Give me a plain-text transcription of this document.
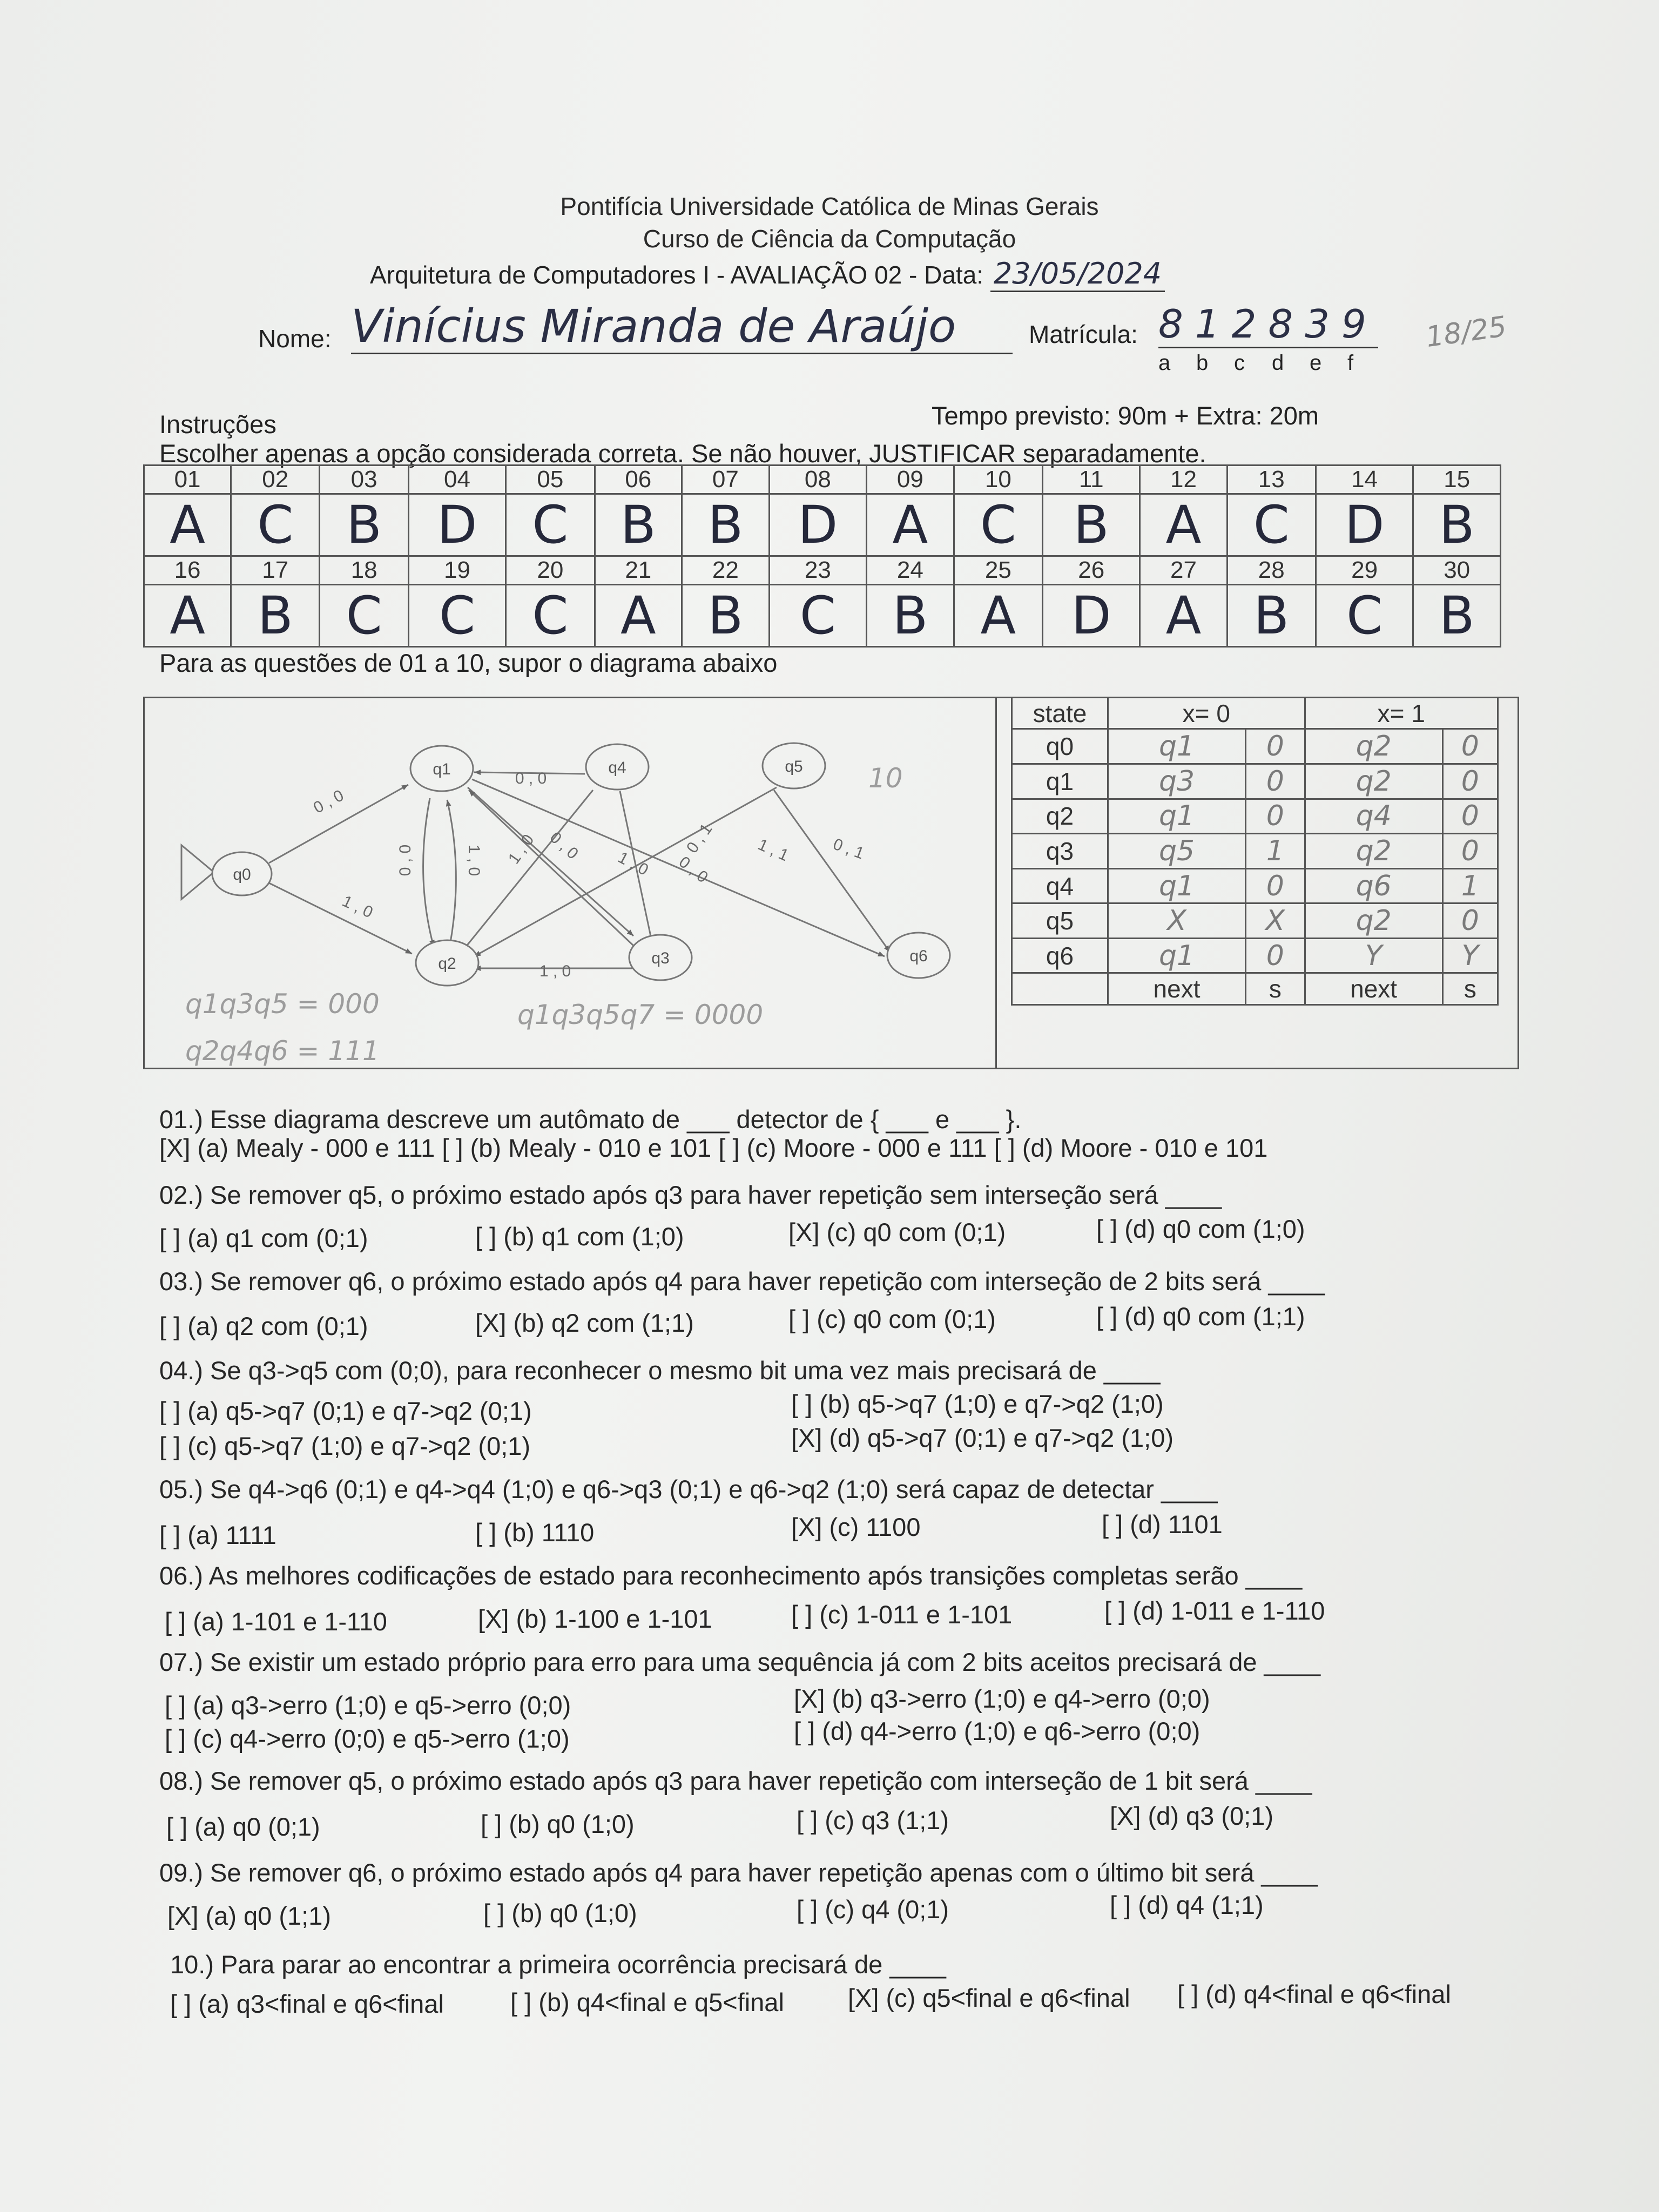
Pontifícia Universidade Católica de Minas Gerais
Curso de Ciência da Computação
Arquitetura de Computadores I - AVALIAÇÃO 02 - Data: 23/05/2024
Nome: Vinícius Miranda de Araújo	Matrícula: 812839
a b c d e f
18/25
Instruções	Tempo previsto: 90m + Extra: 20m
Escolher apenas a opção considerada correta. Se não houver, JUSTIFICAR separadamente.
01	02	03	04	05	06	07	08	09	10	11	12	13	14	15
A	C	B	D	C	B	B	D	A	C	B	A	C	D	B
16	17	18	19	20	21	22	23	24	25	26	27	28	29	30
A	B	C	C	C	A	B	C	B	A	D	A	B	C	B
Para as questões de 01 a 10, supor o diagrama abaixo
q0
q1
q2	q3
q4	q5
q6
0 , 0
1 , 0
0 , 0	1 , 0
0 , 0
1 , 0	1 , 1
0 , 0
1 , 0
1 , 0 0 , 0
0 , 1	0 , 1
q1q3q5 = 000
q2q4q6 = 111
q1q3q5q7 = 0000
10
state	x= 0		x= 1	
q0	q1	0	q2	0
q1	q3	0	q2	0
q2	q1	0	q4	0
q3	q5	1	q2	0
q4	q1	0	q6	1
q5	X	X	q2	0
q6	q1	0	Y	Y
	next	s	next	s
01.) Esse diagrama descreve um autômato de ___ detector de { ___ e ___ }.
[X] (a) Mealy - 000 e 111 [ ] (b) Mealy - 010 e 101 [ ] (c) Moore - 000 e 111 [ ] (d) Moore - 010 e 101
02.) Se remover q5, o próximo estado após q3 para haver repetição sem interseção será ____
[ ] (a) q1 com (0;1)	[ ] (b) q1 com (1;0)	[X] (c) q0 com (0;1)	[ ] (d) q0 com (1;0)
03.) Se remover q6, o próximo estado após q4 para haver repetição com interseção de 2 bits será ____
[ ] (a) q2 com (0;1)	[X] (b) q2 com (1;1)	[ ] (c) q0 com (0;1)	[ ] (d) q0 com (1;1)
04.) Se q3->q5 com (0;0), para reconhecer o mesmo bit uma vez mais precisará de ____
[ ] (a) q5->q7 (0;1) e q7->q2 (0;1)	[ ] (b) q5->q7 (1;0) e q7->q2 (1;0)
[ ] (c) q5->q7 (1;0) e q7->q2 (0;1)	[X] (d) q5->q7 (0;1) e q7->q2 (1;0)
05.) Se q4->q6 (0;1) e q4->q4 (1;0) e q6->q3 (0;1) e q6->q2 (1;0) será capaz de detectar ____
[ ] (a) 1111	[ ] (b) 1110	[X] (c) 1100	[ ] (d) 1101
06.) As melhores codificações de estado para reconhecimento após transições completas serão ____
[ ] (a) 1-101 e 1-110	[X] (b) 1-100 e 1-101	[ ] (c) 1-011 e 1-101	[ ] (d) 1-011 e 1-110
07.) Se existir um estado próprio para erro para uma sequência já com 2 bits aceitos precisará de ____
[ ] (a) q3->erro (1;0) e q5->erro (0;0)	[X] (b) q3->erro (1;0) e q4->erro (0;0)
[ ] (c) q4->erro (0;0) e q5->erro (1;0)	[ ] (d) q4->erro (1;0) e q6->erro (0;0)
08.) Se remover q5, o próximo estado após q3 para haver repetição com interseção de 1 bit será ____
[ ] (a) q0 (0;1)	[ ] (b) q0 (1;0)	[ ] (c) q3 (1;1)	[X] (d) q3 (0;1)
09.) Se remover q6, o próximo estado após q4 para haver repetição apenas com o último bit será ____
[X] (a) q0 (1;1)	[ ] (b) q0 (1;0)	[ ] (c) q4 (0;1)	[ ] (d) q4 (1;1)
10.) Para parar ao encontrar a primeira ocorrência precisará de ____
[ ] (a) q3<final e q6<final	[ ] (b) q4<final e q5<final	[X] (c) q5<final e q6<final [ ] (d) q4<final e q6<final
